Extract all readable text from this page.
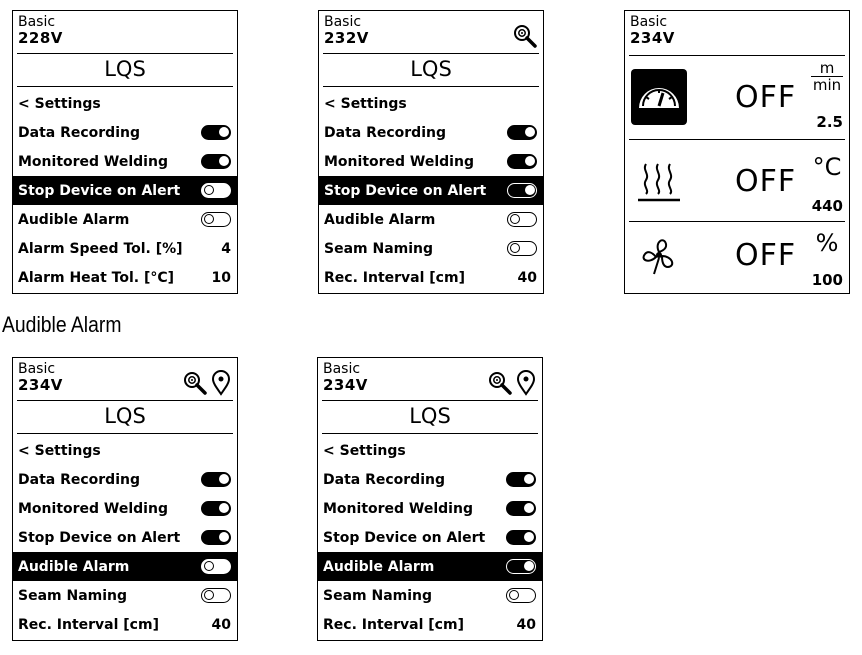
Basic
228V
LQS
< Settings
Data Recording
Monitored Welding
Stop Device on Alert
Audible Alarm
Alarm Speed Tol. [%]	4
Alarm Heat Tol. [°C]	10
Basic
232V
LQS
< Settings
Data Recording
Monitored Welding
Stop Device on Alert
Audible Alarm
Seam Naming
Rec. Interval [cm]	40
Basic
234V
OFF
m
min
2.5
OFF °C
440
OFF %
100
Audible Alarm
Basic
234V
LQS
< Settings
Data Recording
Monitored Welding
Stop Device on Alert
Audible Alarm
Seam Naming
Rec. Interval [cm]	40
Basic
234V
LQS
< Settings
Data Recording
Monitored Welding
Stop Device on Alert
Audible Alarm
Seam Naming
Rec. Interval [cm]	40
